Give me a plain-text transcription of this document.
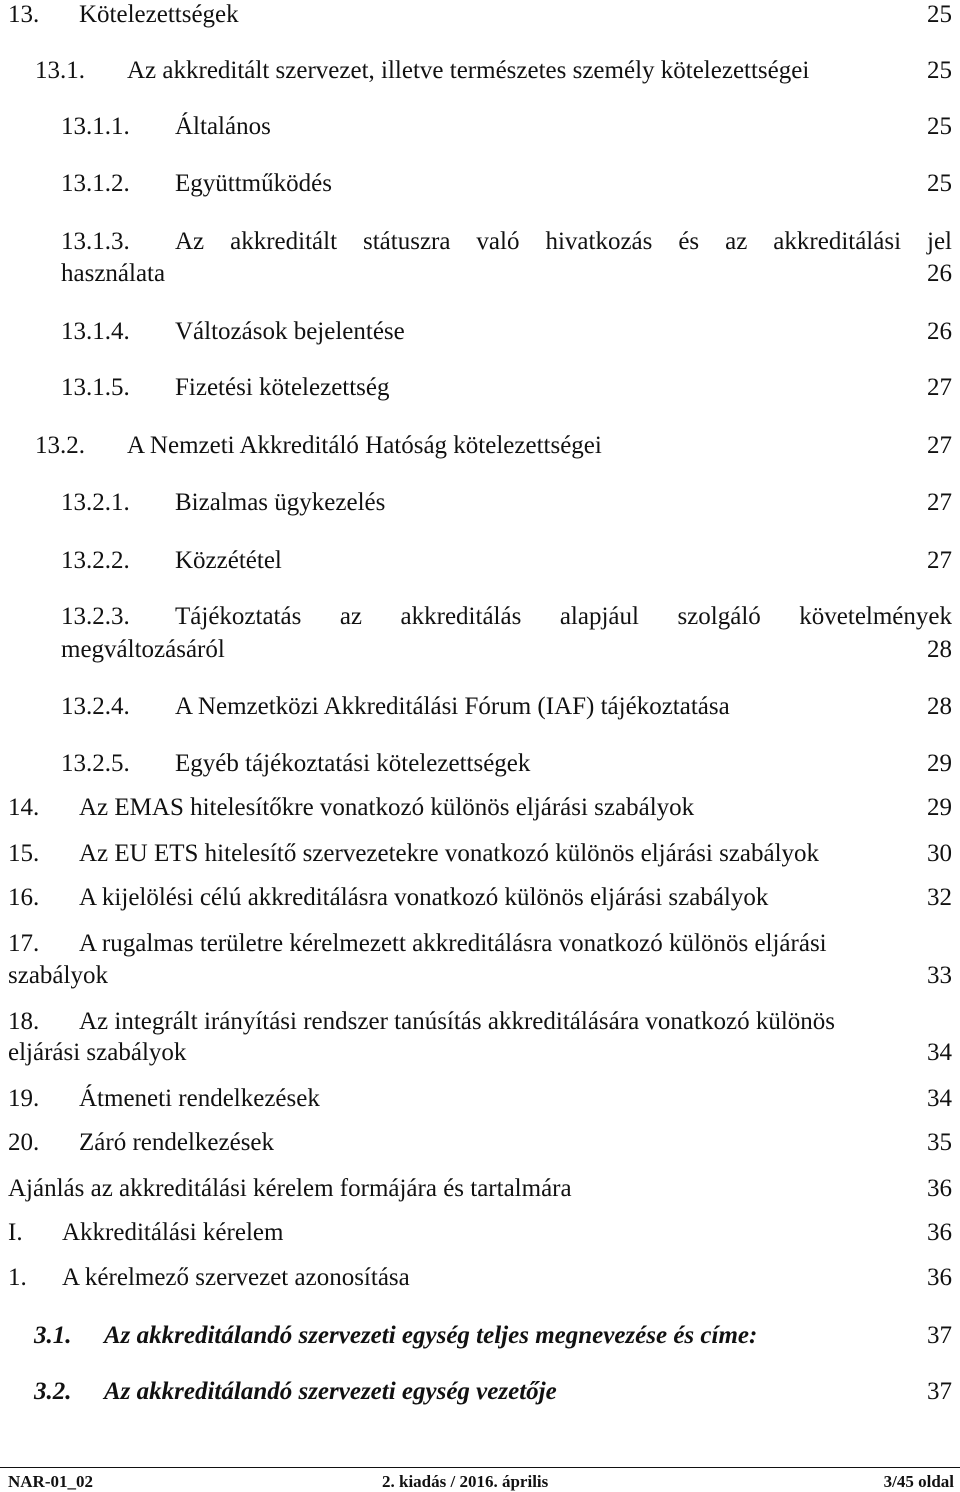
13. Kötelezettségek	25
13.1. Az akkreditált szervezet, illetve természetes személy kötelezettségei	25
13.1.1. Általános	25
13.1.2. Együttműködés	25
13.1.3. Az akkreditált státuszra való hivatkozás és az akkreditálási jel
használata	26
13.1.4. Változások bejelentése	26
13.1.5. Fizetési kötelezettség	27
13.2. A Nemzeti Akkreditáló Hatóság kötelezettségei	27
13.2.1. Bizalmas ügykezelés	27
13.2.2. Közzététel	27
13.2.3. Tájékoztatás az akkreditálás alapjául szolgáló követelmények
megváltozásáról	28
13.2.4. A Nemzetközi Akkreditálási Fórum (IAF) tájékoztatása	28
13.2.5. Egyéb tájékoztatási kötelezettségek	29
14. Az EMAS hitelesítőkre vonatkozó különös eljárási szabályok	29
15. Az EU ETS hitelesítő szervezetekre vonatkozó különös eljárási szabályok	30
16. A kijelölési célú akkreditálásra vonatkozó különös eljárási szabályok	32
17. A rugalmas területre kérelmezett akkreditálásra vonatkozó különös eljárási
szabályok	33
18. Az integrált irányítási rendszer tanúsítás akkreditálására vonatkozó különös
eljárási szabályok	34
19. Átmeneti rendelkezések	34
20. Záró rendelkezések	35
Ajánlás az akkreditálási kérelem formájára és tartalmára	36
I. Akkreditálási kérelem	36
1. A kérelmező szervezet azonosítása	36
3.1. Az akkreditálandó szervezeti egység teljes megnevezése és címe:	37
3.2. Az akkreditálandó szervezeti egység vezetője	37
NAR-01_02	2. kiadás / 2016. április	3/45 oldal
